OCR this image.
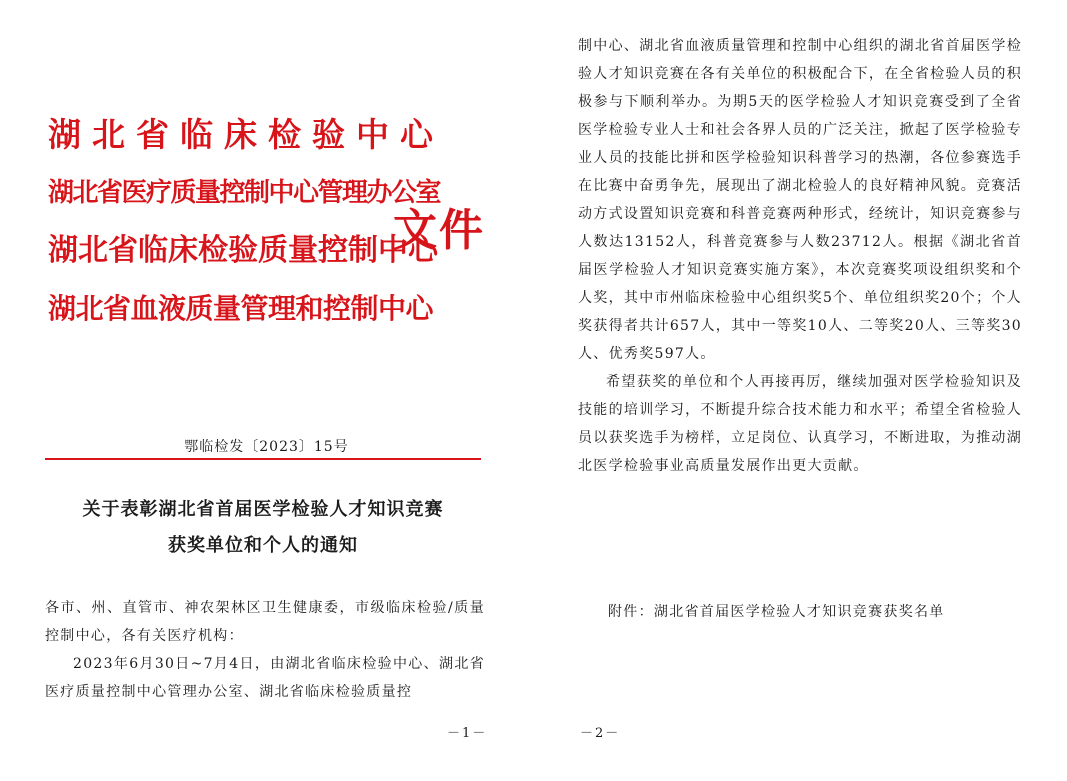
湖北省临床检验中心
湖北省医疗质量控制中心管理办公室
湖北省临床检验质量控制中心
湖北省血液质量管理和控制中心
文件
鄂临检发〔2023〕15号
关于表彰湖北省首届医学检验人才知识竞赛
获奖单位和个人的通知

各市、州、直管市、神农架林区卫生健康委，市级临床检验/质量控制中心，各有关医疗机构：

2023年6月30日~7月4日，由湖北省临床检验中心、湖北省医疗质量控制中心管理办公室、湖北省临床检验质量控

－1－

制中心、湖北省血液质量管理和控制中心组织的湖北省首届医学检验人才知识竞赛在各有关单位的积极配合下，在全省检验人员的积极参与下顺利举办。为期5天的医学检验人才知识竞赛受到了全省医学检验专业人士和社会各界人员的广泛关注，掀起了医学检验专业人员的技能比拼和医学检验知识科普学习的热潮，各位参赛选手在比赛中奋勇争先，展现出了湖北检验人的良好精神风貌。竞赛活动方式设置知识竞赛和科普竞赛两种形式，经统计，知识竞赛参与人数达13152人，科普竞赛参与人数23712人。根据《湖北省首届医学检验人才知识竞赛实施方案》，本次竞赛奖项设组织奖和个人奖，其中市州临床检验中心组织奖5个、单位组织奖20个；个人奖获得者共计657人，其中一等奖10人、二等奖20人、三等奖30人、优秀奖597人。

希望获奖的单位和个人再接再厉，继续加强对医学检验知识及技能的培训学习，不断提升综合技术能力和水平；希望全省检验人员以获奖选手为榜样，立足岗位、认真学习，不断进取，为推动湖北医学检验事业高质量发展作出更大贡献。

附件：湖北省首届医学检验人才知识竞赛获奖名单
－2－
